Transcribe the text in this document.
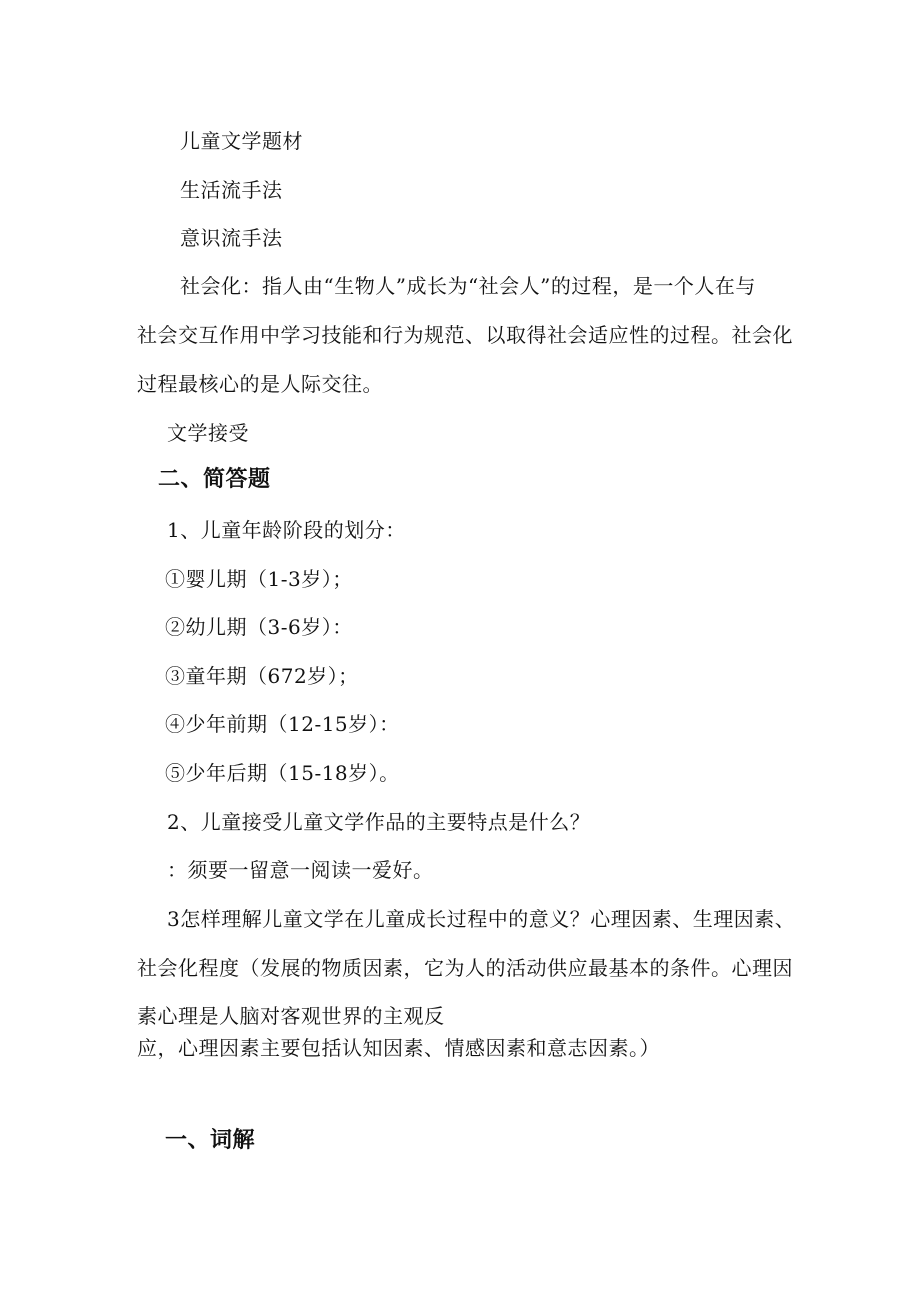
儿童文学题材
生活流手法
意识流手法
社会化：指人由“生物人”成长为“社会人”的过程，是一个人在与
社会交互作用中学习技能和行为规范、以取得社会适应性的过程。社会化
过程最核心的是人际交往。
文学接受
二、简答题
1、儿童年龄阶段的划分：
①婴儿期（1-3岁）；
②幼儿期（3-6岁）：
③童年期（672岁）；
④少年前期（12-15岁）：
⑤少年后期（15-18岁）。
2、儿童接受儿童文学作品的主要特点是什么？
：须要一留意一阅读一爱好。
3怎样理解儿童文学在儿童成长过程中的意义？心理因素、生理因素、
社会化程度（发展的物质因素，它为人的活动供应最基本的条件。心理因
素心理是人脑对客观世界的主观反
应，心理因素主要包括认知因素、情感因素和意志因素。）
一、词解
